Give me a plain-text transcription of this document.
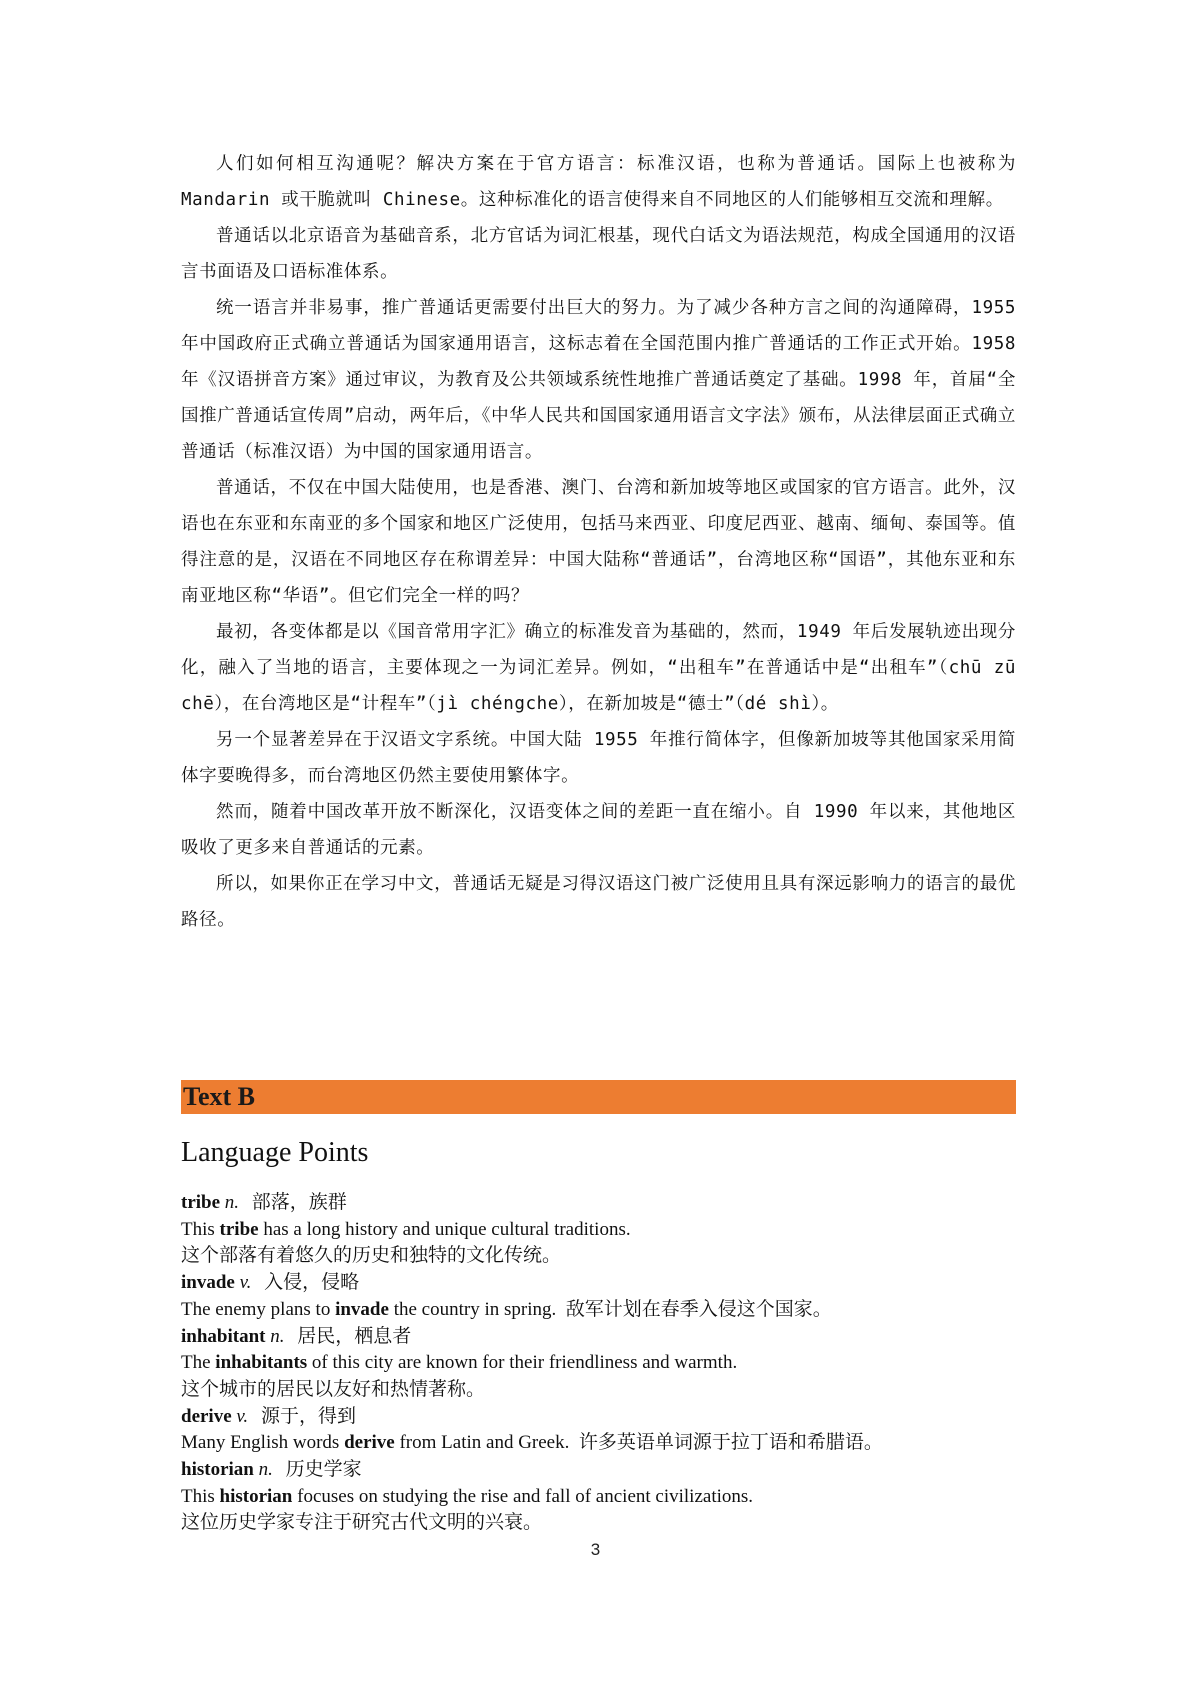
人们如何相互沟通呢？解决方案在于官方语言：标准汉语，也称为普通话。国际上也被称为 Mandarin 或干脆就叫 Chinese。这种标准化的语言使得来自不同地区的人们能够相互交流和理解。

普通话以北京语音为基础音系，北方官话为词汇根基，现代白话文为语法规范，构成全国通用的汉语言书面语及口语标准体系。

统一语言并非易事，推广普通话更需要付出巨大的努力。为了减少各种方言之间的沟通障碍，1955 年中国政府正式确立普通话为国家通用语言，这标志着在全国范围内推广普通话的工作正式开始。1958 年《汉语拼音方案》通过审议，为教育及公共领域系统性地推广普通话奠定了基础。1998 年，首届“全国推广普通话宣传周”启动，两年后，《中华人民共和国国家通用语言文字法》颁布，从法律层面正式确立普通话（标准汉语）为中国的国家通用语言。

普通话，不仅在中国大陆使用，也是香港、澳门、台湾和新加坡等地区或国家的官方语言。此外，汉语也在东亚和东南亚的多个国家和地区广泛使用，包括马来西亚、印度尼西亚、越南、缅甸、泰国等。值得注意的是，汉语在不同地区存在称谓差异：中国大陆称“普通话”，台湾地区称“国语”，其他东亚和东南亚地区称“华语”。但它们完全一样的吗？

最初，各变体都是以《国音常用字汇》确立的标准发音为基础的，然而，1949 年后发展轨迹出现分化，融入了当地的语言，主要体现之一为词汇差异。例如，“出租车”在普通话中是“出租车”（chū zū chē），在台湾地区是“计程车”（jì chéngche），在新加坡是“德士”（dé shì）。

另一个显著差异在于汉语文字系统。中国大陆 1955 年推行简体字，但像新加坡等其他国家采用简体字要晚得多，而台湾地区仍然主要使用繁体字。

然而，随着中国改革开放不断深化，汉语变体之间的差距一直在缩小。自 1990 年以来，其他地区吸收了更多来自普通话的元素。

所以，如果你正在学习中文，普通话无疑是习得汉语这门被广泛使用且具有深远影响力的语言的最优路径。

Text B
Language Points
tribe n. 部落，族群
This tribe has a long history and unique cultural traditions.
这个部落有着悠久的历史和独特的文化传统。
invade v. 入侵，侵略
The enemy plans to invade the country in spring. 敌军计划在春季入侵这个国家。
inhabitant n. 居民，栖息者
The inhabitants of this city are known for their friendliness and warmth.
这个城市的居民以友好和热情著称。
derive v. 源于，得到
Many English words derive from Latin and Greek. 许多英语单词源于拉丁语和希腊语。
historian n. 历史学家
This historian focuses on studying the rise and fall of ancient civilizations.
这位历史学家专注于研究古代文明的兴衰。
3
